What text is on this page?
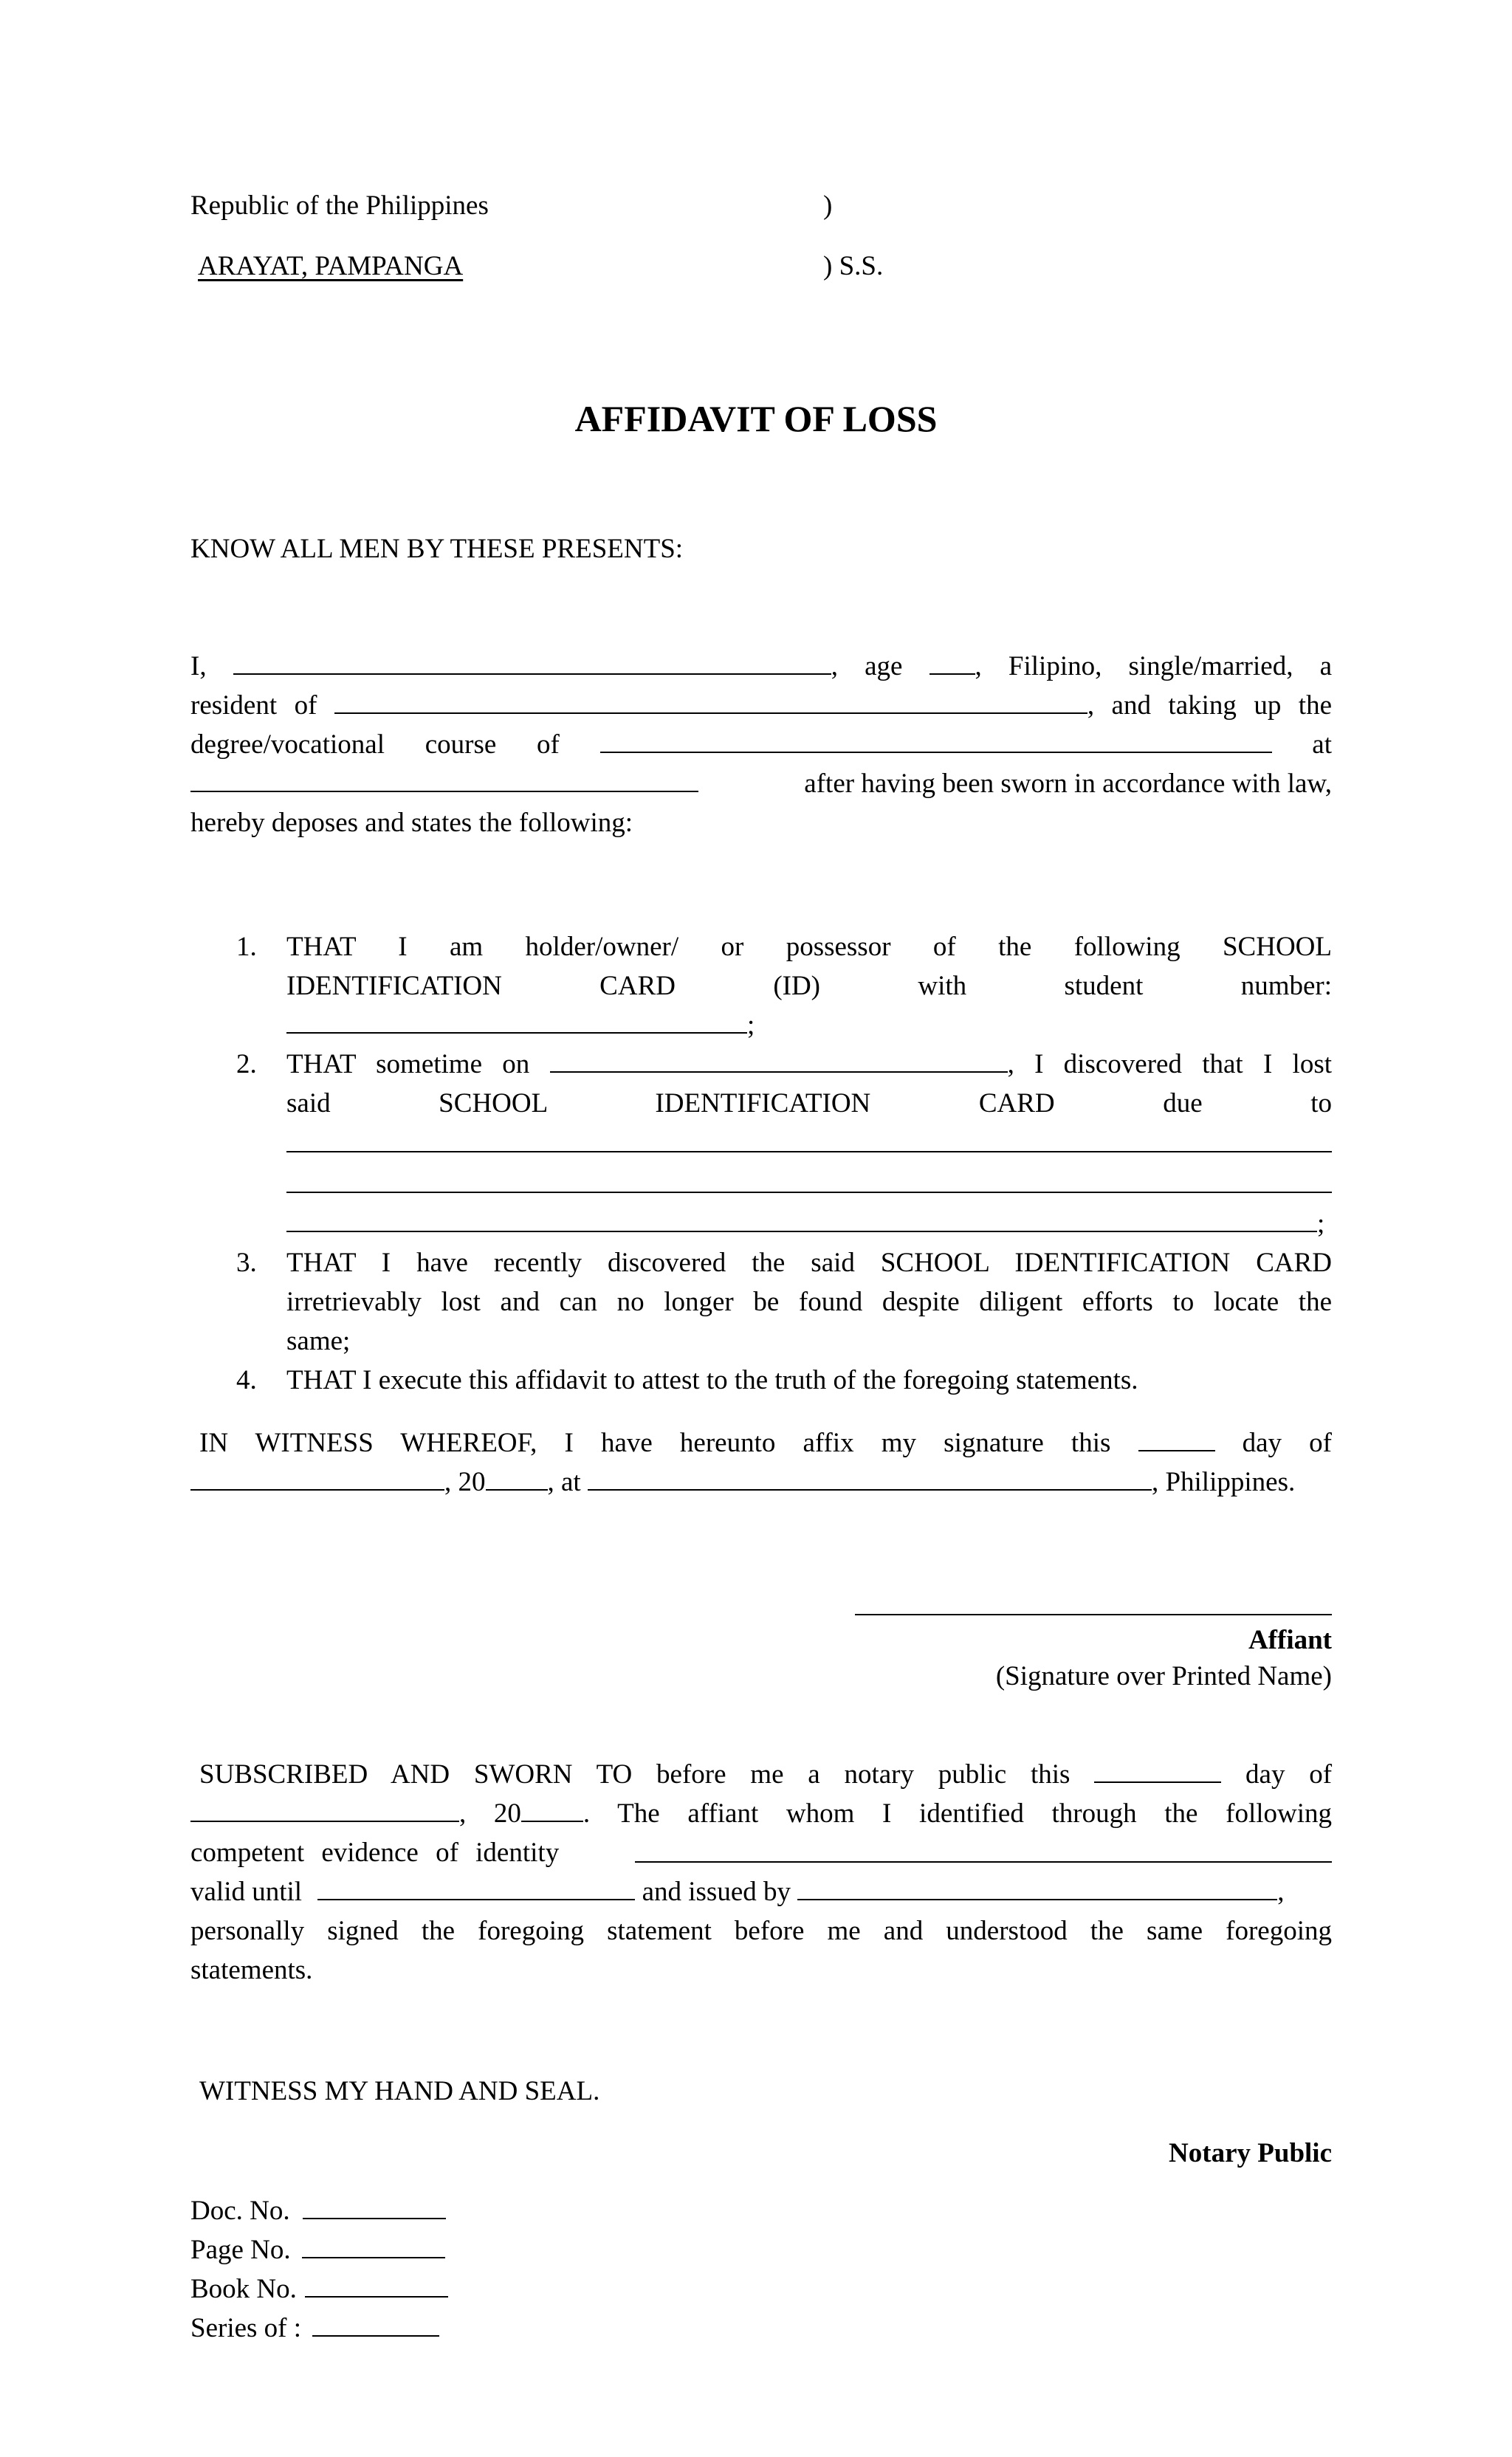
Republic of the Philippines	)
ARAYAT, PAMPANGA	) S.S.
AFFIDAVIT OF LOSS
KNOW ALL MEN BY THESE PRESENTS:
I,	, age	, Filipino, single/married, a
resident of	, and taking up the
degree/vocational course of	at
after having been sworn in accordance with law,
hereby deposes and states the following:
1. THAT I am holder/owner/ or possessor of the following SCHOOL
IDENTIFICATION CARD (ID) with student number:
;
2. THAT sometime on	, I discovered that I lost
said SCHOOL IDENTIFICATION CARD due to
;
3. THAT I have recently discovered the said SCHOOL IDENTIFICATION CARD
irretrievably lost and can no longer be found despite diligent efforts to locate the
same;
4. THAT I execute this affidavit to attest to the truth of the foregoing statements.
IN WITNESS WHEREOF, I have hereunto affix my signature this	day of
, 20 , at	, Philippines.
Affiant
(Signature over Printed Name)
SUBSCRIBED AND SWORN TO before me a notary public this	day of
, 20 . The affiant whom I identified through the following
competent evidence of identity
valid until	and issued by	,
personally signed the foregoing statement before me and understood the same foregoing
statements.
WITNESS MY HAND AND SEAL.
Notary Public
Doc. No.
Page No.
Book No.
Series of :
